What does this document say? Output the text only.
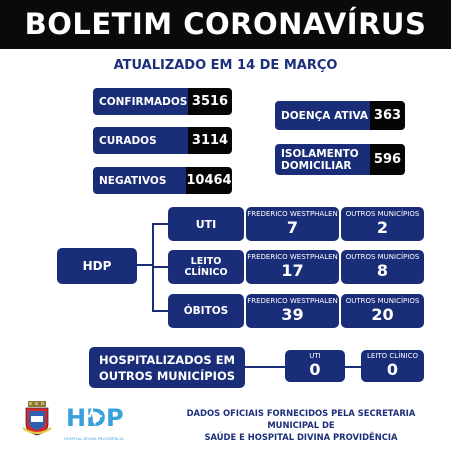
BOLETIM CORONAVÍRUS
ATUALIZADO EM 14 DE MARÇO
CONFIRMADOS 3516
CURADOS	3114
NEGATIVOS	10464
DOENÇA ATIVA 363
ISOLAMENTO
DOMICILIAR	596
HDP
UTI
FREDERICO WESTPHALEN
7
OUTROS MUNICÍPIOS
2
LEITO CLÍNICO
FREDERICO WESTPHALEN
17
OUTROS MUNICÍPIOS
8
ÓBITOS
FREDERICO WESTPHALEN
39
OUTROS MUNICÍPIOS
20
HOSPITALIZADOS EM
OUTROS MUNICÍPIOS
UTI
0
LEITO CLÍNICO
0
HDP
HOSPITAL DIVINA PROVIDÊNCIA
DADOS OFICIAIS FORNECIDOS PELA SECRETARIA MUNICIPAL DE
SAÚDE E HOSPITAL DIVINA PROVIDÊNCIA
